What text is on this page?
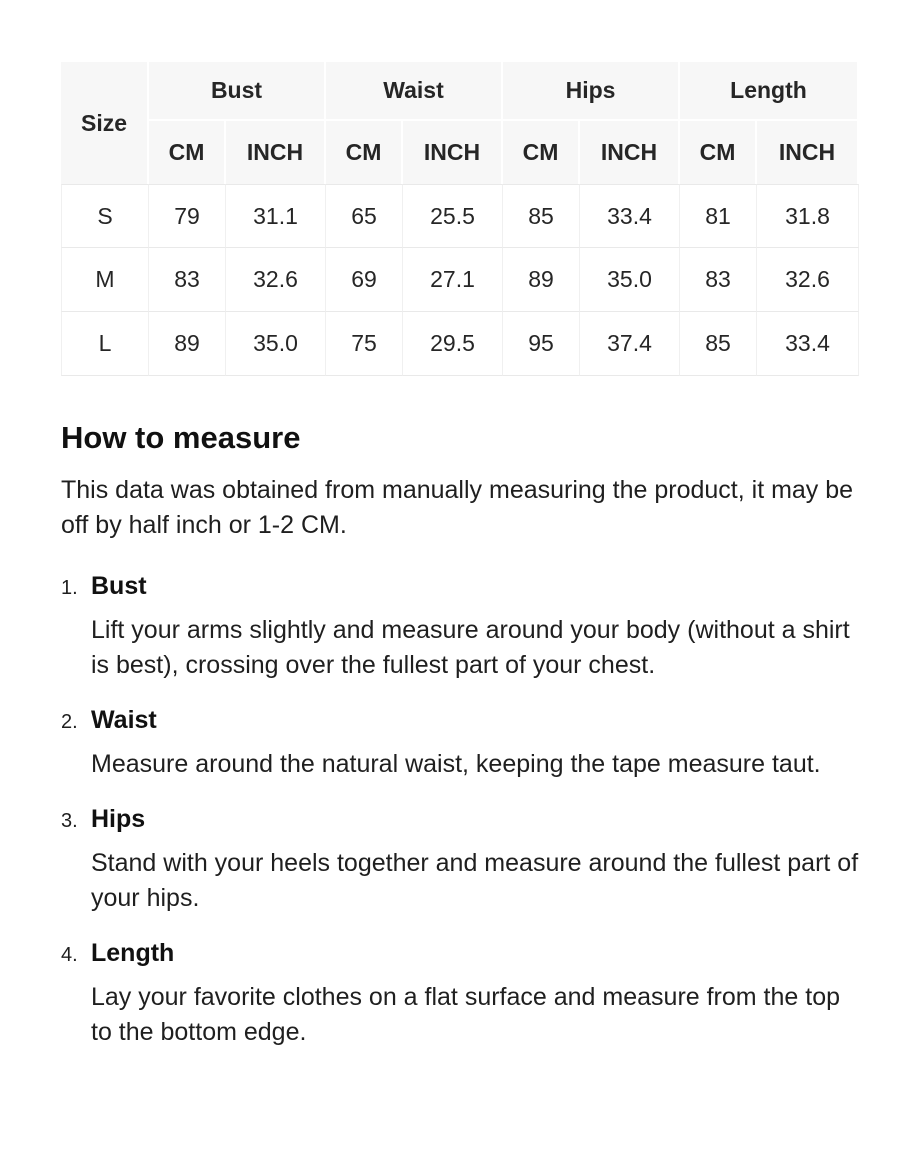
Size	Bust		Waist		Hips		Length	
	CM	INCH	CM	INCH	CM	INCH	CM	INCH
S	79	31.1	65	25.5	85	33.4	81	31.8
M	83	32.6	69	27.1	89	35.0	83	32.6
L	89	35.0	75	29.5	95	37.4	85	33.4
How to measure

This data was obtained from manually measuring the product, it may be off by half inch or 1-2 CM.

1. Bust

Lift your arms slightly and measure around your body (without a shirt is best), crossing over the fullest part of your chest.

2. Waist

Measure around the natural waist, keeping the tape measure taut.

3. Hips

Stand with your heels together and measure around the fullest part of your hips.

4. Length

Lay your favorite clothes on a flat surface and measure from the top to the bottom edge.
